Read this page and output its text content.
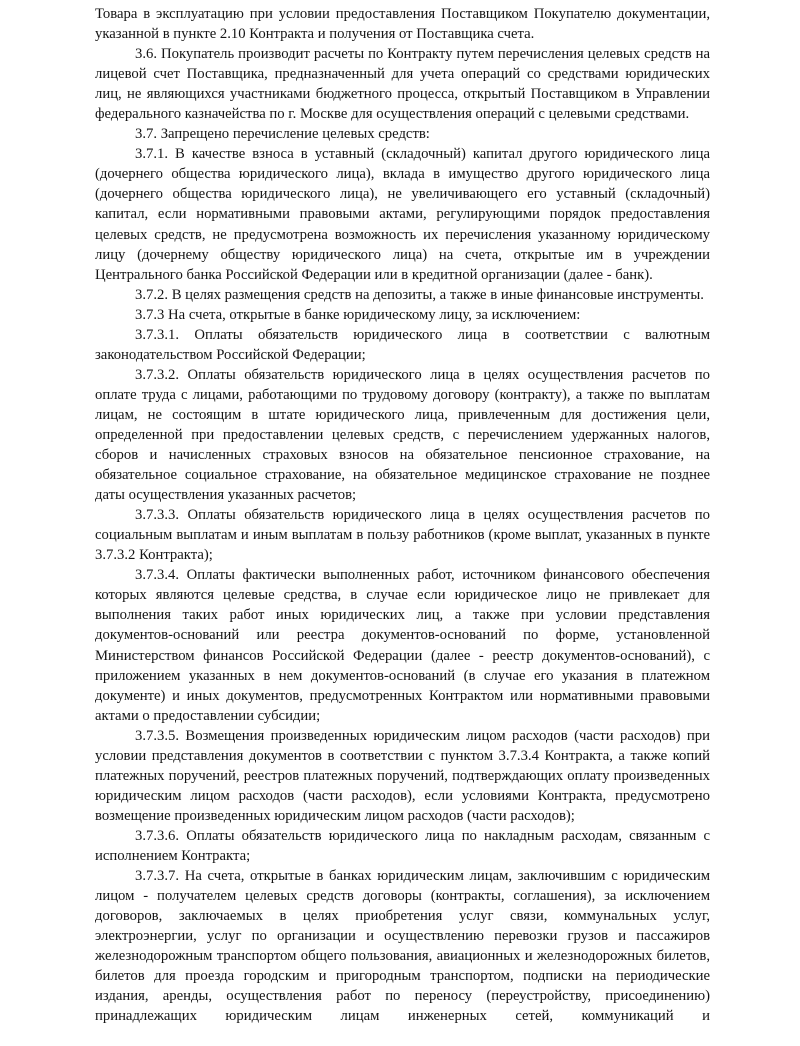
Товара в эксплуатацию при условии предоставления Поставщиком Покупателю документации, указанной в пункте 2.10 Контракта и получения от Поставщика счета.

3.6. Покупатель производит расчеты по Контракту путем перечисления целевых средств на лицевой счет Поставщика, предназначенный для учета операций со средствами юридических лиц, не являющихся участниками бюджетного процесса, открытый Поставщиком в Управлении федерального казначейства по г. Москве для осуществления операций с целевыми средствами.

3.7. Запрещено перечисление целевых средств:

3.7.1. В качестве взноса в уставный (складочный) капитал другого юридического лица (дочернего общества юридического лица), вклада в имущество другого юридического лица (дочернего общества юридического лица), не увеличивающего его уставный (складочный) капитал, если нормативными правовыми актами, регулирующими порядок предоставления целевых средств, не предусмотрена возможность их перечисления указанному юридическому лицу (дочернему обществу юридического лица) на счета, открытые им в учреждении Центрального банка Российской Федерации или в кредитной организации (далее - банк).

3.7.2. В целях размещения средств на депозиты, а также в иные финансовые инструменты.

3.7.3 На счета, открытые в банке юридическому лицу, за исключением:

3.7.3.1. Оплаты обязательств юридического лица в соответствии с валютным законодательством Российской Федерации;

3.7.3.2. Оплаты обязательств юридического лица в целях осуществления расчетов по оплате труда с лицами, работающими по трудовому договору (контракту), а также по выплатам лицам, не состоящим в штате юридического лица, привлеченным для достижения цели, определенной при предоставлении целевых средств, с перечислением удержанных налогов, сборов и начисленных страховых взносов на обязательное пенсионное страхование, на обязательное социальное страхование, на обязательное медицинское страхование не позднее даты осуществления указанных расчетов;

3.7.3.3. Оплаты обязательств юридического лица в целях осуществления расчетов по социальным выплатам и иным выплатам в пользу работников (кроме выплат, указанных в пункте 3.7.3.2 Контракта);

3.7.3.4. Оплаты фактически выполненных работ, источником финансового обеспечения которых являются целевые средства, в случае если юридическое лицо не привлекает для выполнения таких работ иных юридических лиц, а также при условии представления документов-оснований или реестра документов-оснований по форме, установленной Министерством финансов Российской Федерации (далее - реестр документов-оснований), с приложением указанных в нем документов-оснований (в случае его указания в платежном документе) и иных документов, предусмотренных Контрактом или нормативными правовыми актами о предоставлении субсидии;

3.7.3.5. Возмещения произведенных юридическим лицом расходов (части расходов) при условии представления документов в соответствии с пунктом 3.7.3.4 Контракта, а также копий платежных поручений, реестров платежных поручений, подтверждающих оплату произведенных юридическим лицом расходов (части расходов), если условиями Контракта, предусмотрено возмещение произведенных юридическим лицом расходов (части расходов);

3.7.3.6. Оплаты обязательств юридического лица по накладным расходам, связанным с исполнением Контракта;

3.7.3.7. На счета, открытые в банках юридическим лицам, заключившим с юридическим лицом - получателем целевых средств договоры (контракты, соглашения), за исключением договоров, заключаемых в целях приобретения услуг связи, коммунальных услуг, электроэнергии, услуг по организации и осуществлению перевозки грузов и пассажиров железнодорожным транспортом общего пользования, авиационных и железнодорожных билетов, билетов для проезда городским и пригородным транспортом, подписки на периодические издания, аренды, осуществления работ по переносу (переустройству, присоединению) принадлежащих юридическим лицам инженерных сетей, коммуникаций и
